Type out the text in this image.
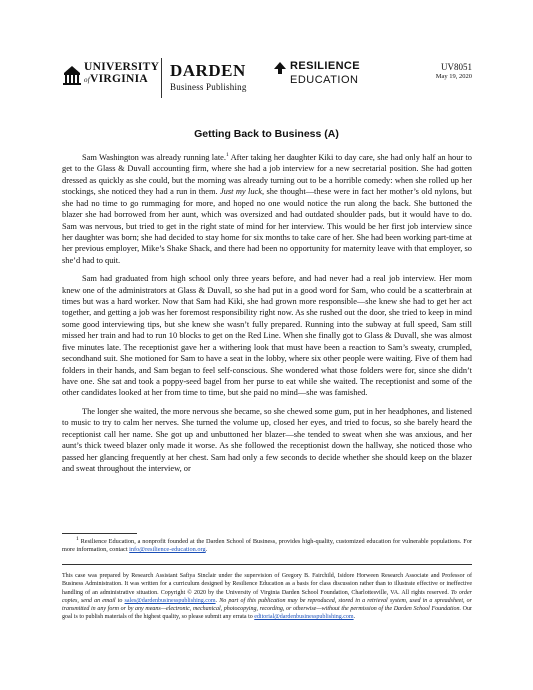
UNIVERSITY
ofVIRGINIA	DARDEN
Business Publishing
RESILIENCE
EDUCATION
UV8051
May 19, 2020
Getting Back to Business (A)

Sam Washington was already running late.$^1$ After taking her daughter Kiki to day care, she had only half an hour to get to the Glass & Duvall accounting firm, where she had a job interview for a new secretarial position. She had gotten dressed as quickly as she could, but the morning was already turning out to be a horrible comedy: when she rolled up her stockings, she noticed they had a run in them. Just my luck, she thought—these were in fact her mother’s old nylons, but she had no time to go rummaging for more, and hoped no one would notice the run along the back. She buttoned the blazer she had borrowed from her aunt, which was oversized and had outdated shoulder pads, but it would have to do. Sam was nervous, but tried to get in the right state of mind for her interview. This would be her first job interview since her daughter was born; she had decided to stay home for six months to take care of her. She had been working part-time at her previous employer, Mike’s Shake Shack, and there had been no opportunity for maternity leave with that employer, so she’d had to quit.

Sam had graduated from high school only three years before, and had never had a real job interview. Her mom knew one of the administrators at Glass & Duvall, so she had put in a good word for Sam, who could be a scatterbrain at times but was a hard worker. Now that Sam had Kiki, she had grown more responsible—she knew she had to get her act together, and getting a job was her foremost responsibility right now. As she rushed out the door, she tried to keep in mind some good interviewing tips, but she knew she wasn’t fully prepared. Running into the subway at full speed, Sam still missed her train and had to run 10 blocks to get on the Red Line. When she finally got to Glass & Duvall, she was almost five minutes late. The receptionist gave her a withering look that must have been a reaction to Sam’s sweaty, crumpled, secondhand suit. She motioned for Sam to have a seat in the lobby, where six other people were waiting. Five of them had folders in their hands, and Sam began to feel self-conscious. She wondered what those folders were for, since she didn’t have one. She sat and took a poppy-seed bagel from her purse to eat while she waited. The receptionist and some of the other candidates looked at her from time to time, but she paid no mind—she was famished.

The longer she waited, the more nervous she became, so she chewed some gum, put in her headphones, and listened to music to try to calm her nerves. She turned the volume up, closed her eyes, and tried to focus, so she barely heard the receptionist call her name. She got up and unbuttoned her blazer—she tended to sweat when she was anxious, and her aunt’s thick tweed blazer only made it worse. As she followed the receptionist down the hallway, she noticed those who passed her glancing frequently at her chest. Sam had only a few seconds to decide whether she should keep on the blazer and sweat throughout the interview, or

$^1$ Resilience Education, a nonprofit founded at the Darden School of Business, provides high-quality, customized education for vulnerable populations. For more information, contact info@resilience-education.org.

This case was prepared by Research Assistant Safiya Sinclair under the supervision of Gregory B. Fairchild, Isidore Horween Research Associate and Professor of Business Administration. It was written for a curriculum designed by Resilience Education as a basis for class discussion rather than to illustrate effective or ineffective handling of an administrative situation. Copyright © 2020 by the University of Virginia Darden School Foundation, Charlottesville, VA. All rights reserved. To order copies, send an email to sales@dardenbusinesspublishing.com. No part of this publication may be reproduced, stored in a retrieval system, used in a spreadsheet, or transmitted in any form or by any means—electronic, mechanical, photocopying, recording, or otherwise—without the permission of the Darden School Foundation. Our goal is to publish materials of the highest quality, so please submit any errata to editorial@dardenbusinesspublishing.com.
